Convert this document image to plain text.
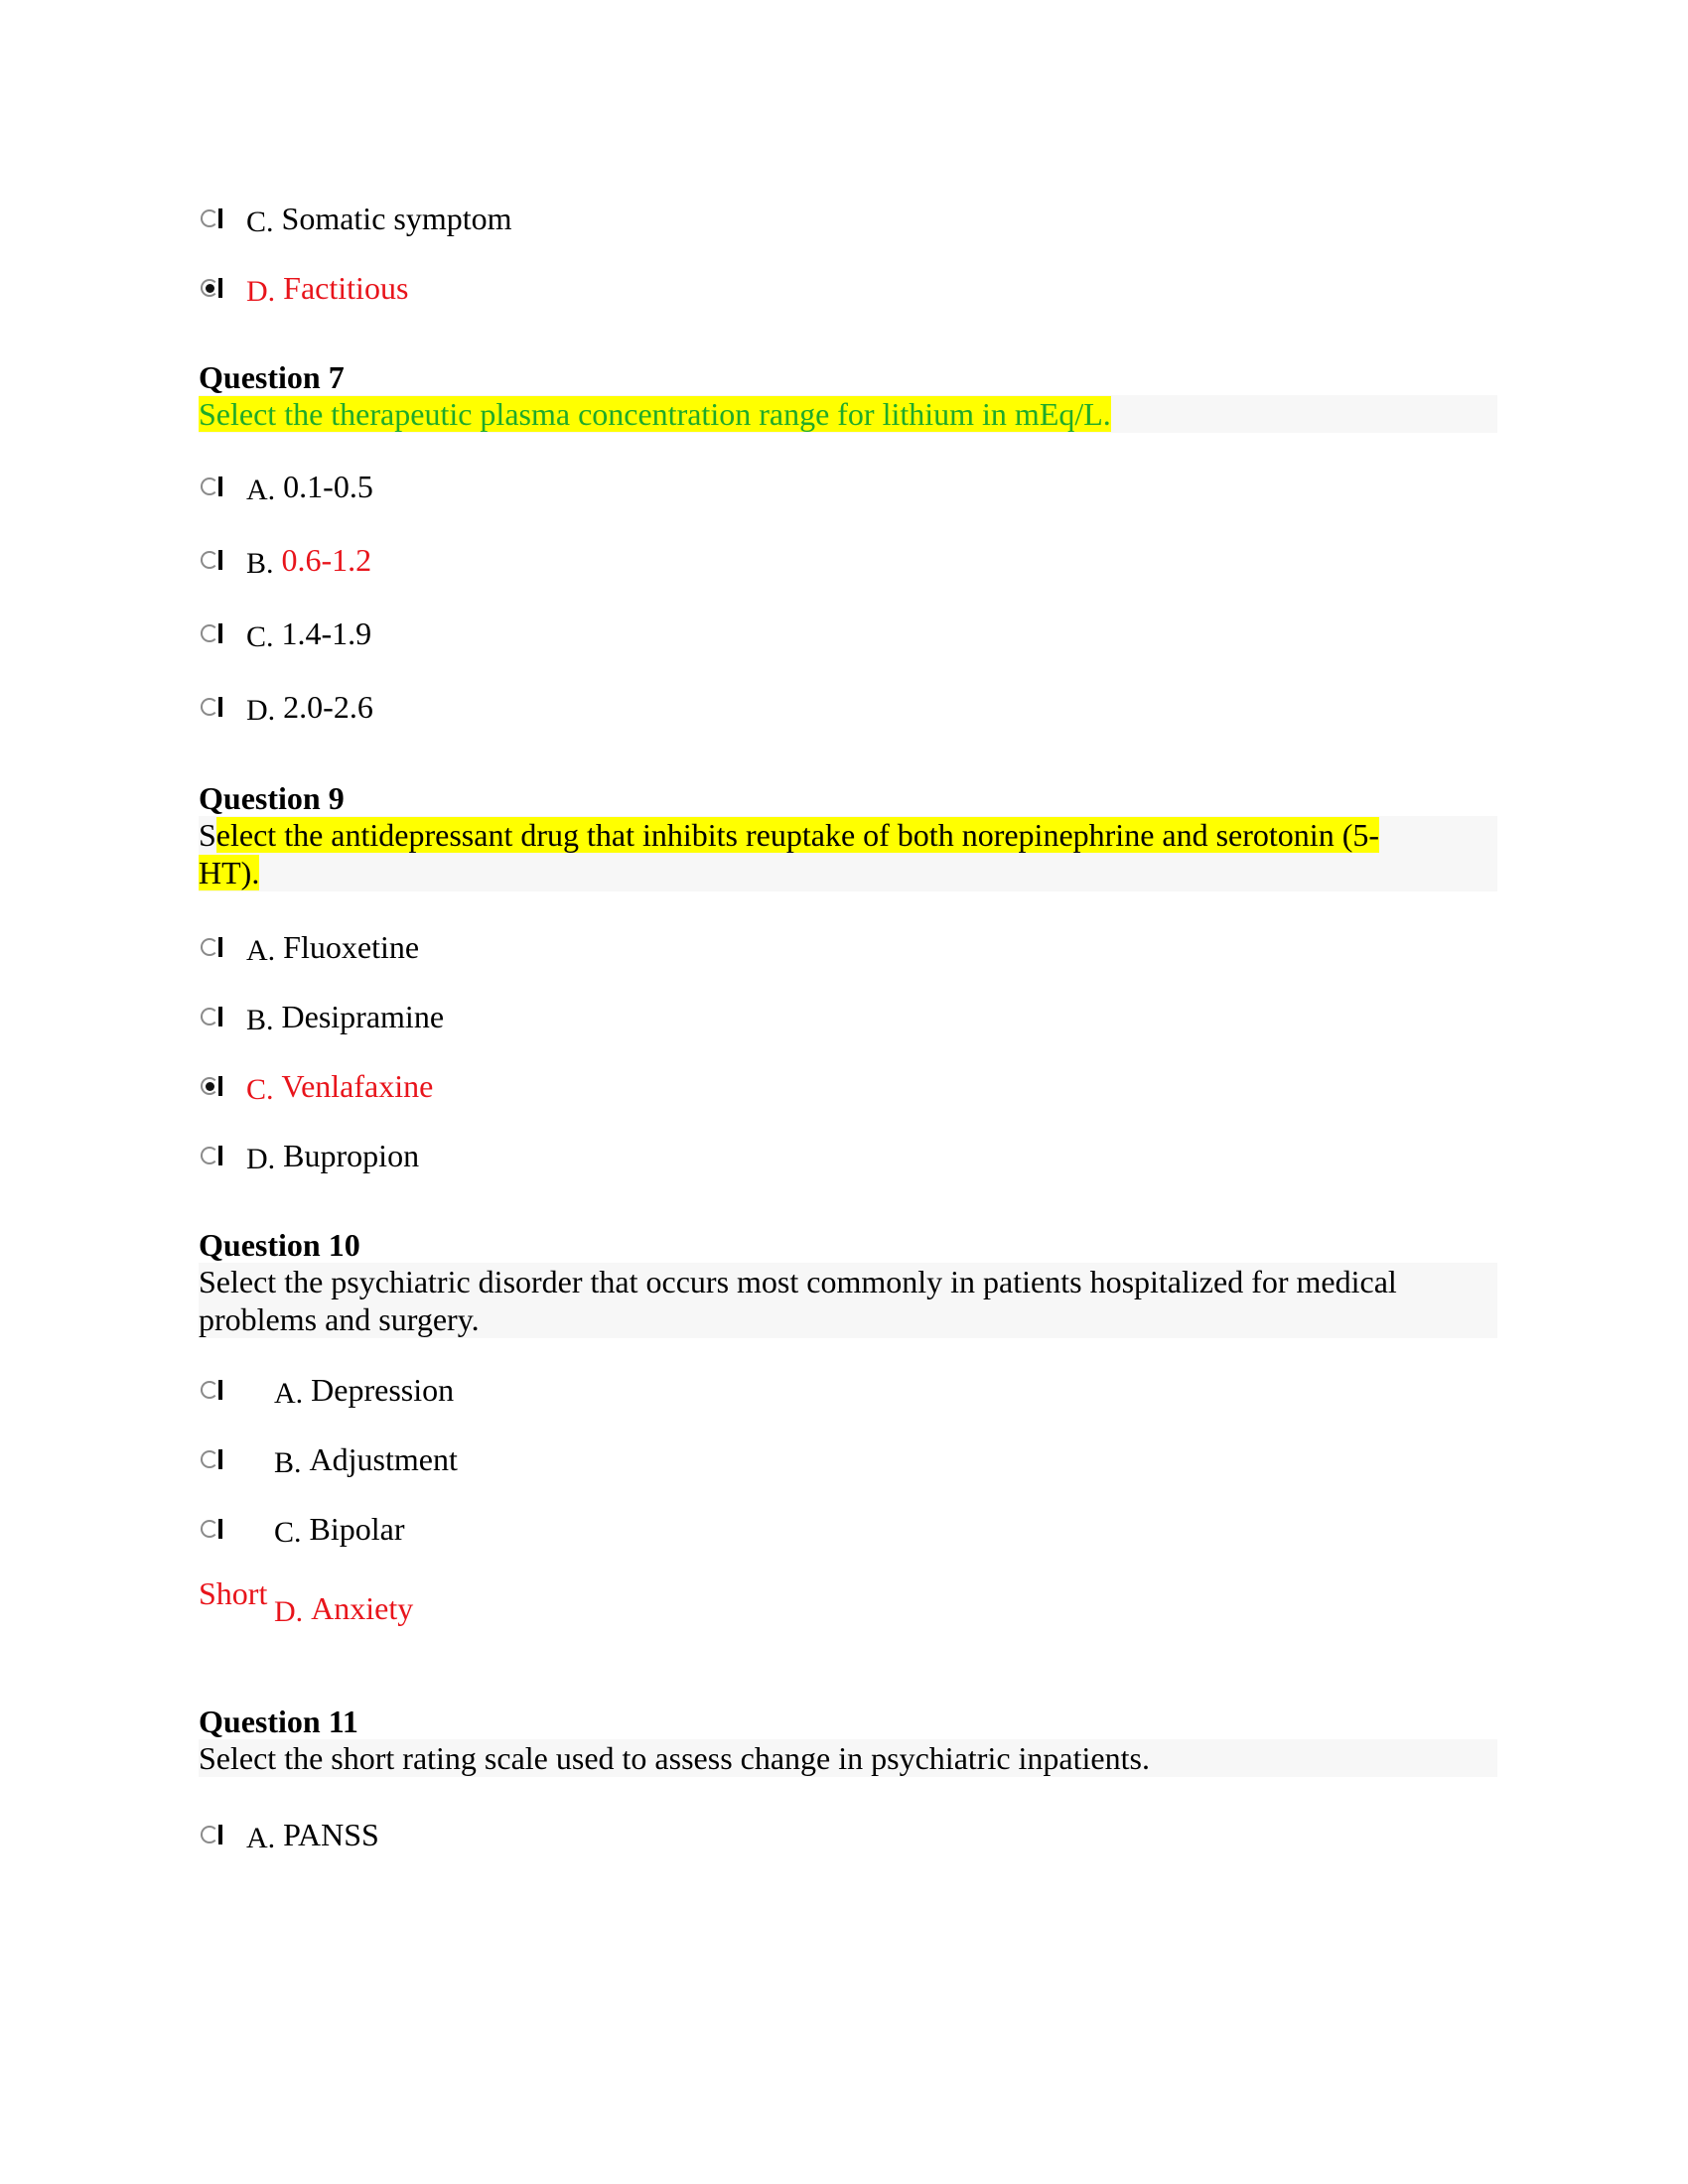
C. Somatic symptom
D. Factitious
Question 7
Select the therapeutic plasma concentration range for lithium in mEq/L.
A. 0.1-0.5
B. 0.6-1.2
C. 1.4-1.9
D. 2.0-2.6
Question 9
Select the antidepressant drug that inhibits reuptake of both norepinephrine and serotonin (5-
HT).
A. Fluoxetine
B. Desipramine
C. Venlafaxine
D. Bupropion
Question 10
Select the psychiatric disorder that occurs most commonly in patients hospitalized for medical problems and surgery.
A. Depression
B. Adjustment
C. Bipolar
Short
D. Anxiety
Question 11
Select the short rating scale used to assess change in psychiatric inpatients.
A. PANSS
